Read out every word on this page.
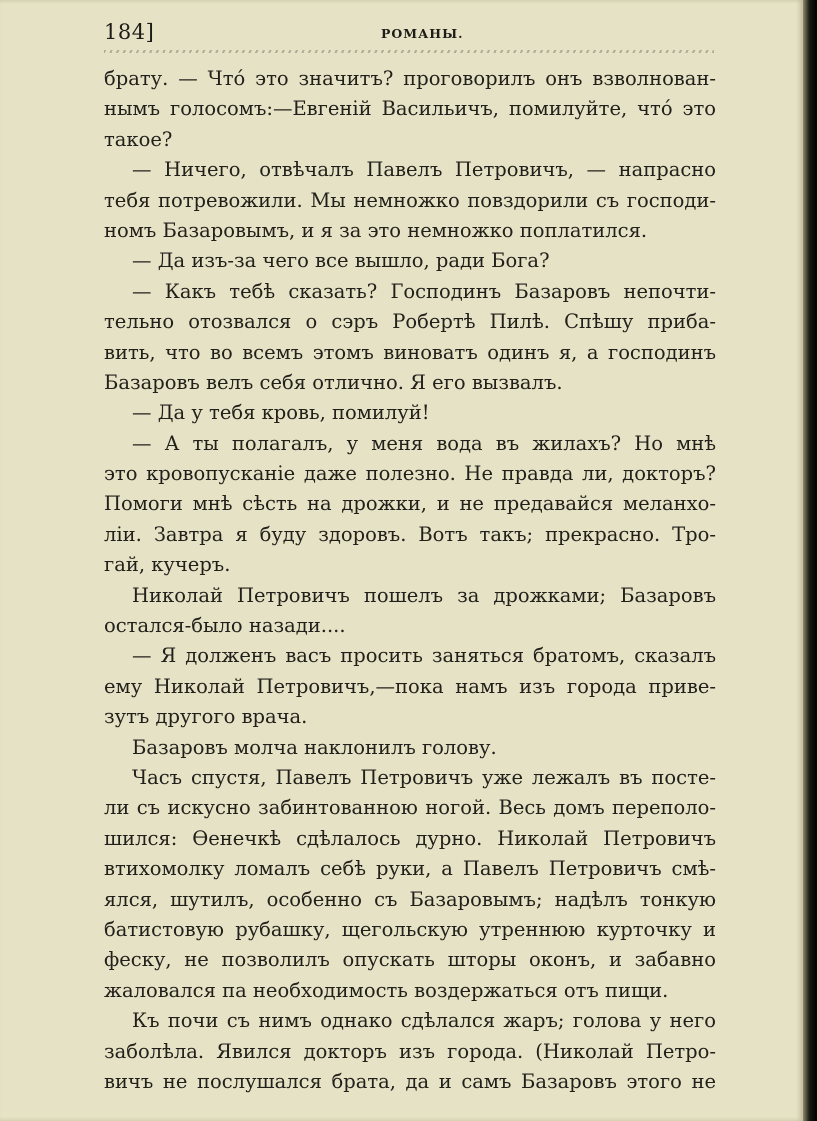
184]	РОМАНЫ.
брату. — Чтó это значитъ? проговорилъ онъ взволнован-
нымъ голосомъ:—Евгеній Васильичъ, помилуйте, чтó это
такое?
— Ничего, отвѣчалъ Павелъ Петровичъ, — напрасно
тебя потревожили. Мы немножко повздорили съ господи-
номъ Базаровымъ, и я за это немножко поплатился.
— Да изъ-за чего все вышло, ради Бога?
— Какъ тебѣ сказать? Господинъ Базаровъ непочти-
тельно отозвался о сэръ Робертѣ Пилѣ. Спѣшу приба-
вить, что во всемъ этомъ виноватъ одинъ я, а господинъ
Базаровъ велъ себя отлично. Я его вызвалъ.
— Да у тебя кровь, помилуй!
— А ты полагалъ, у меня вода въ жилахъ? Но мнѣ
это кровопусканіе даже полезно. Не правда ли, докторъ?
Помоги мнѣ сѣсть на дрожки, и не предавайся меланхо-
ліи. Завтра я буду здоровъ. Вотъ такъ; прекрасно. Тро-
гай, кучеръ.
Николай Петровичъ пошелъ за дрожками; Базаровъ
остался-было назади....
— Я долженъ васъ просить заняться братомъ, сказалъ
ему Николай Петровичъ,—пока намъ изъ города приве-
зутъ другого врача.
Базаровъ молча наклонилъ голову.
Часъ спустя, Павелъ Петровичъ уже лежалъ въ посте-
ли съ искусно забинтованною ногой. Весь домъ переполо-
шился: Ѳенечкѣ сдѣлалось дурно. Николай Петровичъ
втихомолку ломалъ себѣ руки, а Павелъ Петровичъ смѣ-
ялся, шутилъ, особенно съ Базаровымъ; надѣлъ тонкую
батистовую рубашку, щегольскую утреннюю курточку и
феску, не позволилъ опускать шторы оконъ, и забавно
жаловался па необходимость воздержаться отъ пищи.
Къ почи съ нимъ однако сдѣлался жаръ; голова у него
заболѣла. Явился докторъ изъ города. (Николай Петро-
вичъ не послушался брата, да и самъ Базаровъ этого не
